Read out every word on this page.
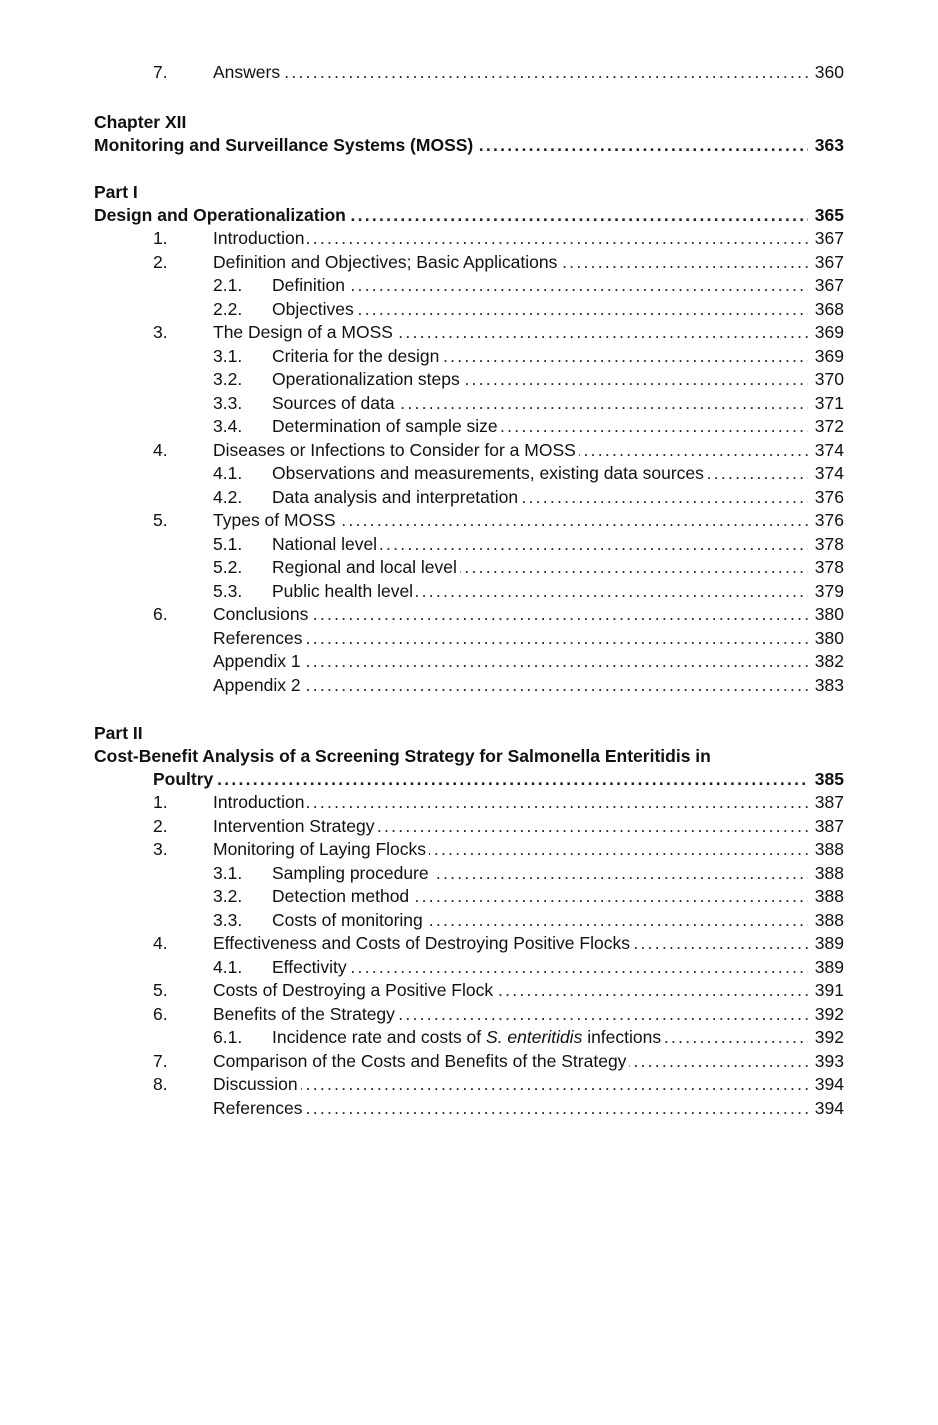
7.	Answers . . .	360
Chapter XII
Monitoring and Surveillance Systems (MOSS) . . .	363
Part I
Design and Operationalization . . .	365
1.	Introduction . . .	367
2.	Definition and Objectives; Basic Applications . . .	367
2.1. Definition . . .	367
2.2. Objectives . . .	368
3.	The Design of a MOSS . . .	369
3.1. Criteria for the design . . .	369
3.2. Operationalization steps . . .	370
3.3. Sources of data . . .	371
3.4. Determination of sample size . . .	372
4.	Diseases or Infections to Consider for a MOSS . . .	374
4.1. Observations and measurements, existing data sources . . .	374
4.2. Data analysis and interpretation . . .	376
5.	Types of MOSS . . .	376
5.1. National level . . .	378
5.2. Regional and local level . . .	378
5.3. Public health level . . .	379
6.	Conclusions . . .	380
References . . .	380
Appendix 1 . . .	382
Appendix 2 . . .	383
Part II
Cost-Benefit Analysis of a Screening Strategy for Salmonella Enteritidis in
Poultry . . .	385
1.	Introduction . . .	387
2.	Intervention Strategy . . .	387
3.	Monitoring of Laying Flocks . . .	388
3.1. Sampling procedure . . .	388
3.2. Detection method . . .	388
3.3. Costs of monitoring . . .	388
4.	Effectiveness and Costs of Destroying Positive Flocks . . .	389
4.1. Effectivity . . .	389
5.	Costs of Destroying a Positive Flock . . .	391
6.	Benefits of the Strategy . . .	392
6.1. Incidence rate and costs of S. enteritidis infections . . .	392
7.	Comparison of the Costs and Benefits of the Strategy . . .	393
8.	Discussion . . .	394
References . . .	394
